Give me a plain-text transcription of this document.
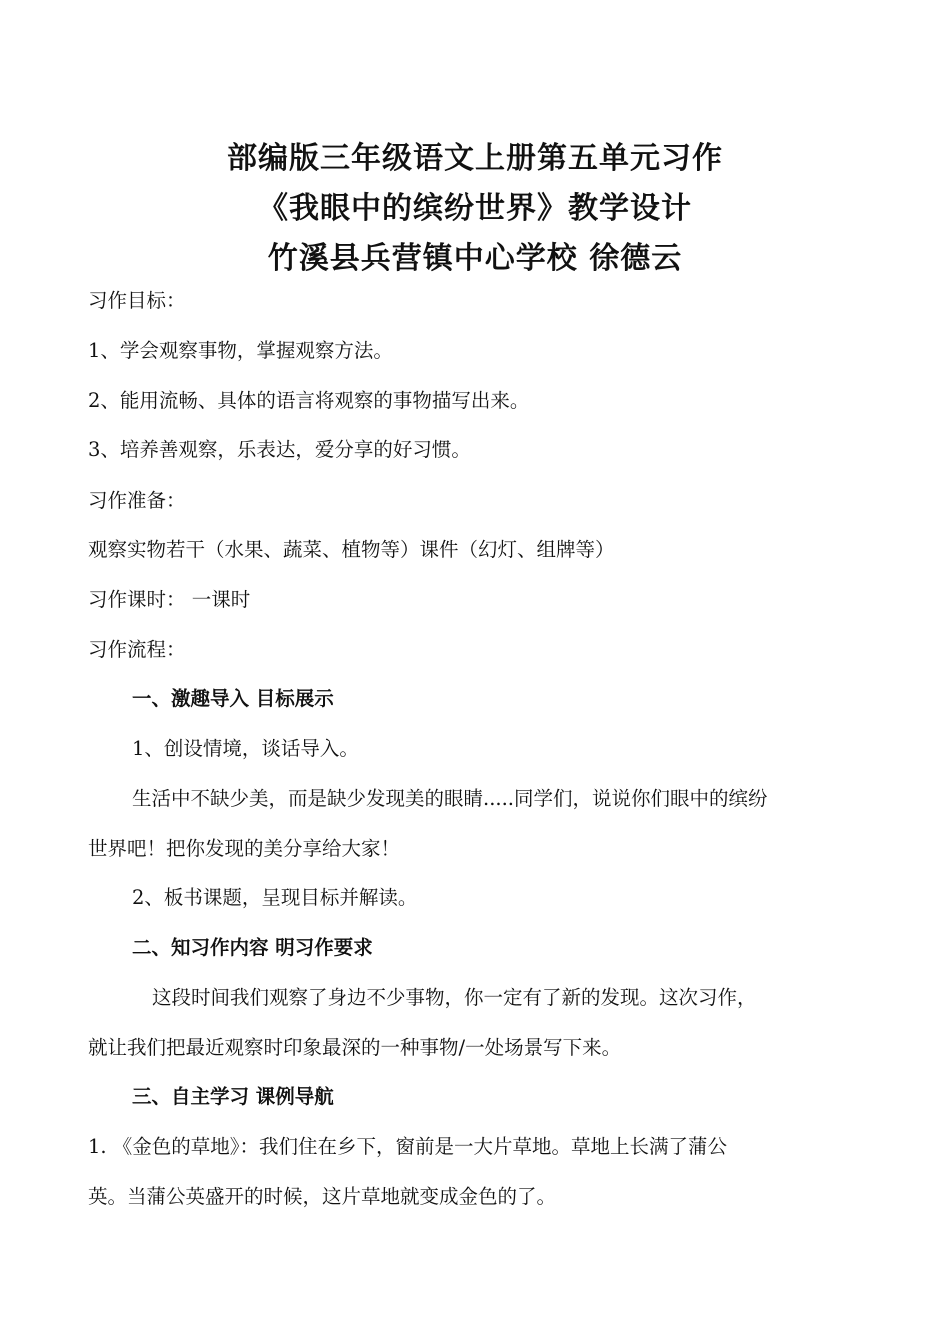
部编版三年级语文上册第五单元习作
《我眼中的缤纷世界》教学设计
竹溪县兵营镇中心学校 徐德云
习作目标：
1、学会观察事物，掌握观察方法。
2、能用流畅、具体的语言将观察的事物描写出来。
3、培养善观察，乐表达，爱分享的好习惯。
习作准备：
观察实物若干（水果、蔬菜、植物等）课件（幻灯、组牌等）
习作课时： 一课时
习作流程：
一、激趣导入 目标展示
1、创设情境，谈话导入。
生活中不缺少美，而是缺少发现美的眼睛.....同学们，说说你们眼中的缤纷
世界吧！把你发现的美分享给大家！
2、板书课题，呈现目标并解读。
二、知习作内容 明习作要求
这段时间我们观察了身边不少事物，你一定有了新的发现。这次习作，
就让我们把最近观察时印象最深的一种事物/一处场景写下来。
三、自主学习 课例导航
1. 《金色的草地》：我们住在乡下，窗前是一大片草地。草地上长满了蒲公
英。当蒲公英盛开的时候，这片草地就变成金色的了。
